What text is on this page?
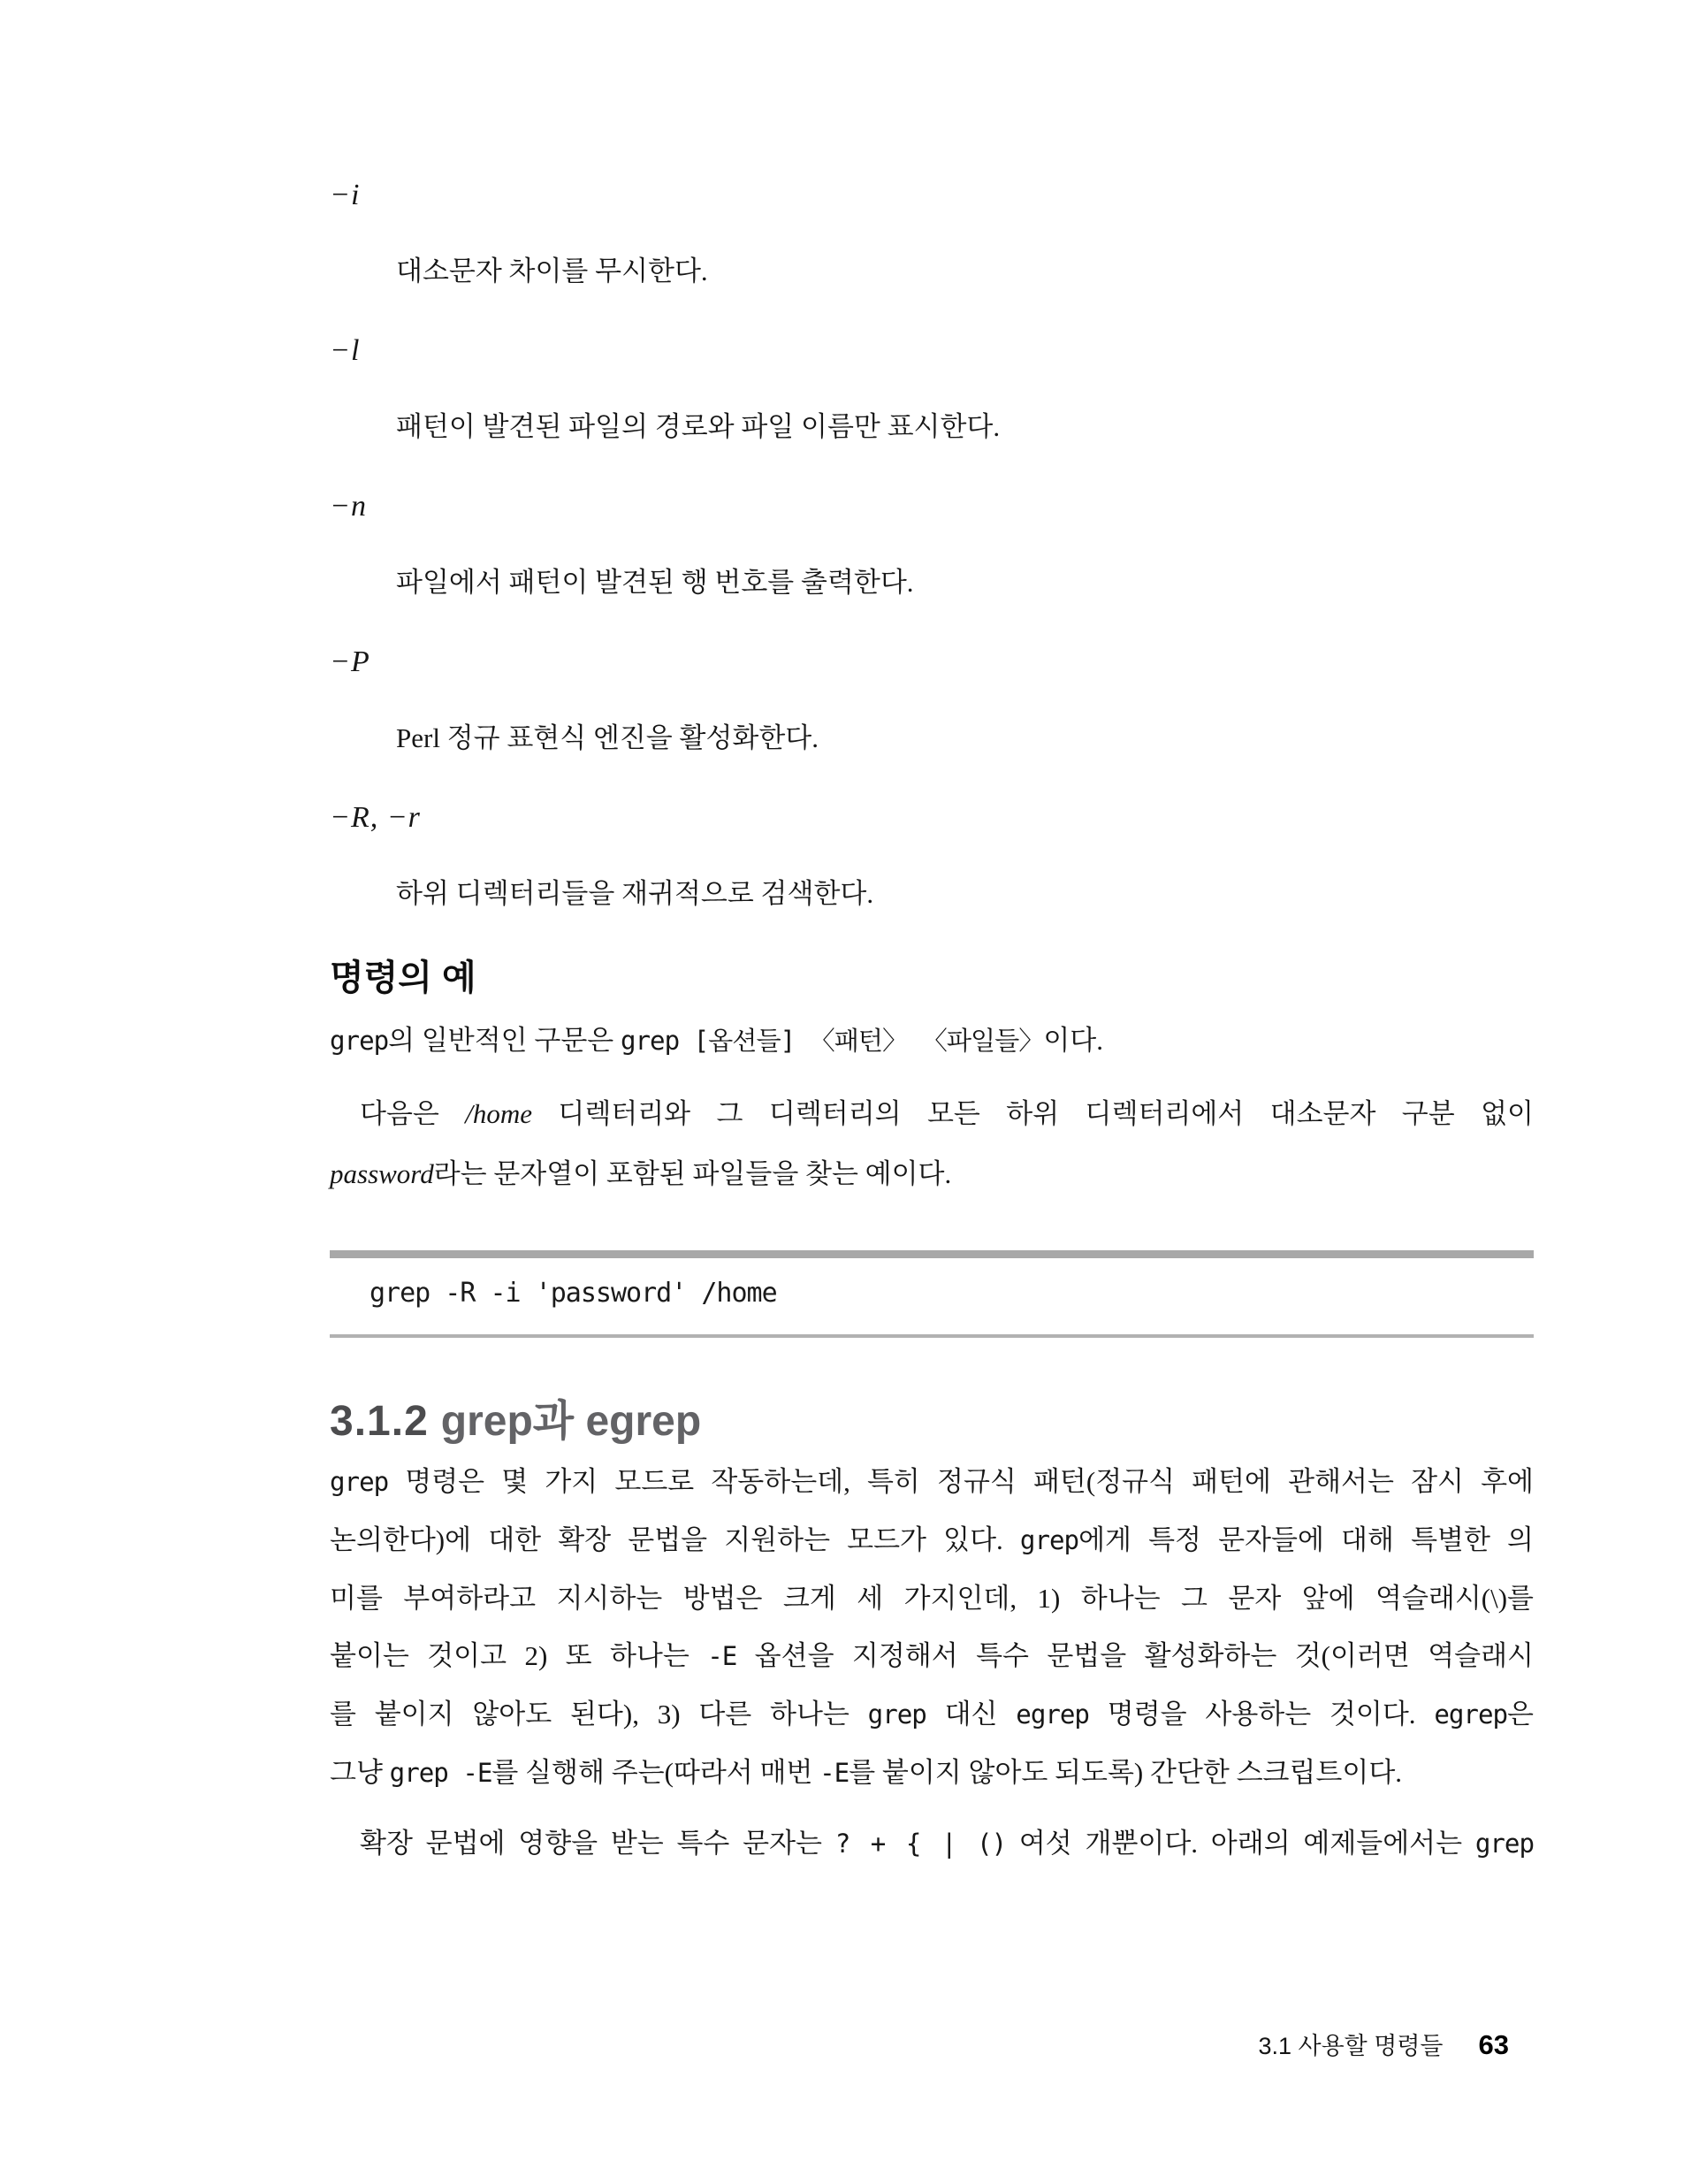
−i
대소문자 차이를 무시한다.
−l
패턴이 발견된 파일의 경로와 파일 이름만 표시한다.
−n
파일에서 패턴이 발견된 행 번호를 출력한다.
−P
Perl 정규 표현식 엔진을 활성화한다.
−R, −r
하위 디렉터리들을 재귀적으로 검색한다.
명령의 예

grep의 일반적인 구문은 grep [옵션들] 〈패턴〉 〈파일들〉이다.

다음은 /home 디렉터리와 그 디렉터리의 모든 하위 디렉터리에서 대소문자 구분 없이

password라는 문자열이 포함된 파일들을 찾는 예이다.

grep -R -i 'password' /home
3.1.2 grep과 egrep

grep 명령은 몇 가지 모드로 작동하는데, 특히 정규식 패턴(정규식 패턴에 관해서는 잠시 후에

논의한다)에 대한 확장 문법을 지원하는 모드가 있다. grep에게 특정 문자들에 대해 특별한 의

미를 부여하라고 지시하는 방법은 크게 세 가지인데, 1) 하나는 그 문자 앞에 역슬래시(\)를

붙이는 것이고 2) 또 하나는 -E 옵션을 지정해서 특수 문법을 활성화하는 것(이러면 역슬래시

를 붙이지 않아도 된다), 3) 다른 하나는 grep 대신 egrep 명령을 사용하는 것이다. egrep은

그냥 grep -E를 실행해 주는(따라서 매번 -E를 붙이지 않아도 되도록) 간단한 스크립트이다.

확장 문법에 영향을 받는 특수 문자는 ? + { | () 여섯 개뿐이다. 아래의 예제들에서는 grep

3.1 사용할 명령들 63
